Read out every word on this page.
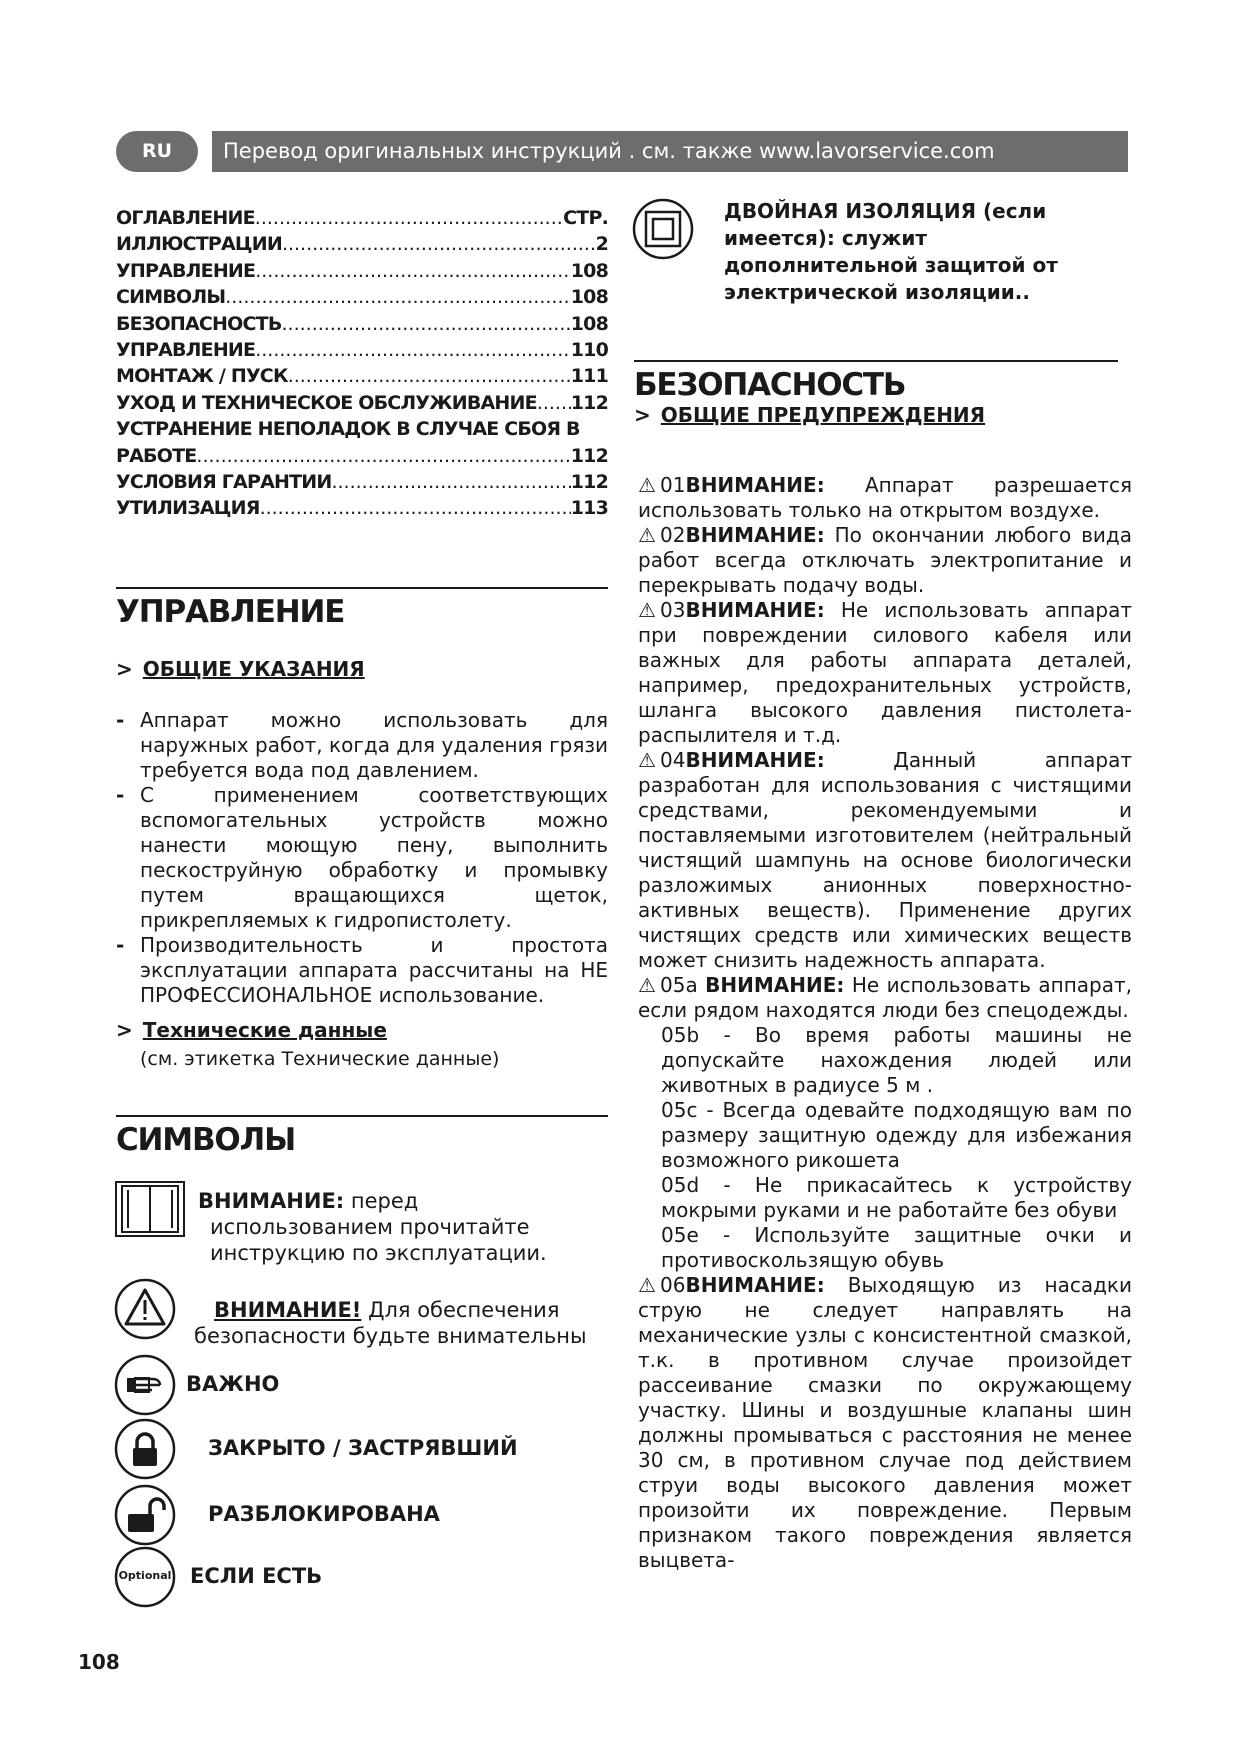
Перевод оригинальных инструкций . см. также www.lavorservice.com
RU
ОГЛАВЛЕНИЕ .....	СТР.
ИЛЛЮСТРАЦИИ .....	2
УПРАВЛЕНИЕ .....	108
СИМВОЛЫ .....	108
БЕЗОПАСНОСТЬ .....	108
УПРАВЛЕНИЕ .....	110
МОНТАЖ / ПУСК .....	111
УХОД И ТЕХНИЧЕСКОЕ ОБСЛУЖИВАНИЕ ..... 112
УСТРАНЕНИЕ НЕПОЛАДОК В СЛУЧАЕ СБОЯ В
РАБОТЕ .....	112
УСЛОВИЯ ГАРАНТИИ .....	112
УТИЛИЗАЦИЯ .....	113
УПРАВЛЕНИЕ
> ОБЩИЕ УКАЗАНИЯ
- Аппарат можно использовать для наружных работ, когда для удаления грязи требуется вода под давлением.
- С применением соответствующих вспомогательных устройств можно нанести моющую пену, выполнить пескоструйную обработку и промывку путем вращающихся щеток, прикрепляемых к гидропистолету.
- Производительность и простота эксплуатации аппарата рассчитаны на НЕ ПРОФЕССИОНАЛЬНОЕ использование.
> Технические данные
(см. этикетка Технические данные)
СИМВОЛЫ
ВНИМАНИЕ: перед
использованием прочитайте
инструкцию по эксплуатации.
ВНИМАНИЕ! Для обеспечения
безопасности будьте внимательны
ВАЖНО
ЗАКРЫТО / ЗАСТРЯВШИЙ
РАЗБЛОКИРОВАНА
Optional ЕСЛИ ЕСТЬ
ДВОЙНАЯ ИЗОЛЯЦИЯ (если имеется): служит дополнительной защитой от электрической изоляции..
БЕЗОПАСНОСТЬ
> ОБЩИЕ ПРЕДУПРЕЖДЕНИЯ
⚠ 01ВНИМАНИЕ: Аппарат разрешается использовать только на открытом воздухе.
⚠ 02ВНИМАНИЕ: По окончании любого вида работ всегда отключать электропитание и перекрывать подачу воды.
⚠ 03ВНИМАНИЕ: Не использовать аппарат при повреждении силового кабеля или важных для работы аппарата деталей, например, предохранительных устройств, шланга высокого давления пистолета-распылителя и т.д.
⚠ 04ВНИМАНИЕ: Данный аппарат разработан для использования с чистящими средствами, рекомендуемыми и поставляемыми изготовителем (нейтральный чистящий шампунь на основе биологически разложимых анионных поверхностно-активных веществ). Применение других чистящих средств или химических веществ может снизить надежность аппарата.
⚠ 05a ВНИМАНИЕ: Не использовать аппарат, если рядом находятся люди без спецодежды.
05b - Во время работы машины не допускайте нахождения людей или животных в радиусе 5 м .
05c - Всегда одевайте подходящую вам по размеру защитную одежду для избежания возможного рикошета
05d - Не прикасайтесь к устройству мокрыми руками и не работайте без обуви
05e - Используйте защитные очки и противоскользящую обувь
⚠ 06ВНИМАНИЕ: Выходящую из насадки струю не следует направлять на механические узлы с консистентной смазкой, т.к. в противном случае произойдет рассеивание смазки по окружающему участку. Шины и воздушные клапаны шин должны промываться с расстояния не менее 30 см, в противном случае под действием струи воды высокого давления может произойти их повреждение. Первым признаком такого повреждения является выцвета-
108
